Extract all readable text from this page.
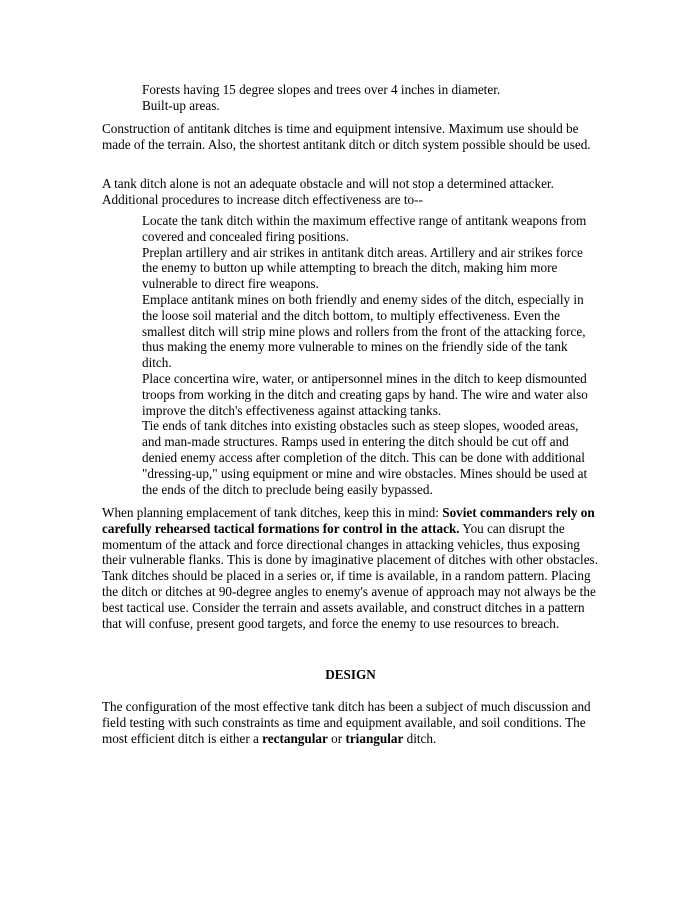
Forests having 15 degree slopes and trees over 4 inches in diameter.

Built-up areas.

Construction of antitank ditches is time and equipment intensive. Maximum use should be made of the terrain. Also, the shortest antitank ditch or ditch system possible should be used.

A tank ditch alone is not an adequate obstacle and will not stop a determined attacker. Additional procedures to increase ditch effectiveness are to--

Locate the tank ditch within the maximum effective range of antitank weapons from covered and concealed firing positions.

Preplan artillery and air strikes in antitank ditch areas. Artillery and air strikes force the enemy to button up while attempting to breach the ditch, making him more vulnerable to direct fire weapons.

Emplace antitank mines on both friendly and enemy sides of the ditch, especially in the loose soil material and the ditch bottom, to multiply effectiveness. Even the smallest ditch will strip mine plows and rollers from the front of the attacking force, thus making the enemy more vulnerable to mines on the friendly side of the tank ditch.

Place concertina wire, water, or antipersonnel mines in the ditch to keep dismounted troops from working in the ditch and creating gaps by hand. The wire and water also improve the ditch's effectiveness against attacking tanks.

Tie ends of tank ditches into existing obstacles such as steep slopes, wooded areas, and man-made structures. Ramps used in entering the ditch should be cut off and denied enemy access after completion of the ditch. This can be done with additional "dressing-up," using equipment or mine and wire obstacles. Mines should be used at the ends of the ditch to preclude being easily bypassed.

When planning emplacement of tank ditches, keep this in mind: Soviet commanders rely on carefully rehearsed tactical formations for control in the attack. You can disrupt the momentum of the attack and force directional changes in attacking vehicles, thus exposing their vulnerable flanks. This is done by imaginative placement of ditches with other obstacles. Tank ditches should be placed in a series or, if time is available, in a random pattern. Placing the ditch or ditches at 90-degree angles to enemy's avenue of approach may not always be the best tactical use. Consider the terrain and assets available, and construct ditches in a pattern that will confuse, present good targets, and force the enemy to use resources to breach.

DESIGN

The configuration of the most effective tank ditch has been a subject of much discussion and field testing with such constraints as time and equipment available, and soil conditions. The most efficient ditch is either a rectangular or triangular ditch.
